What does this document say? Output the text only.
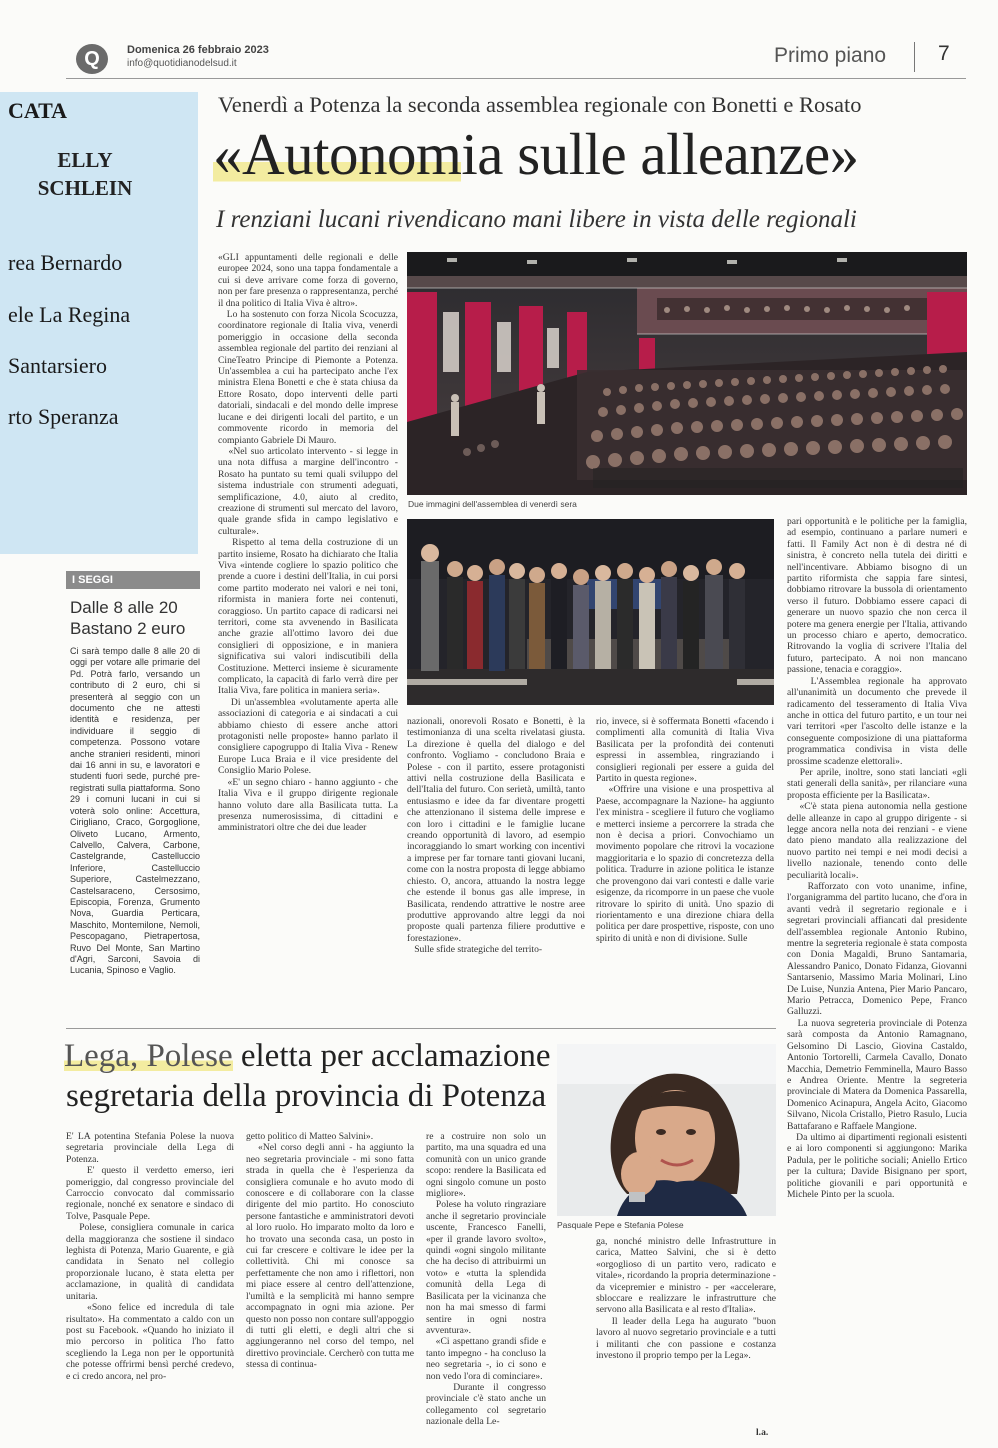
Q	Domenica 26 febbraio 2023
info@quotidianodelsud.it	Primo piano 7
CATA
ELLY
SCHLEIN
rea Bernardo
ele La Regina
Santarsiero
rto Speranza
I SEGGI
Dalle 8 alle 20
Bastano 2 euro
Ci sarà tempo dalle 8 alle 20 di oggi per votare alle primarie del Pd. Potrà farlo, versando un contributo di 2 euro, chi si presenterà al seggio con un documento che ne attesti identità e residenza, per individuare il seggio di competenza. Possono votare anche stranieri residenti, minori dai 16 anni in su, e lavoratori e studenti fuori sede, purché pre-registrati sulla piattaforma. Sono 29 i comuni lucani in cui si voterà solo online: Accettura, Cirigliano, Craco, Gorgoglione, Oliveto Lucano, Armento, Calvello, Calvera, Carbone, Castelgrande, Castelluccio Inferiore, Castelluccio Superiore, Castelmezzano, Castelsaraceno, Cersosimo, Episcopia, Forenza, Grumento Nova, Guardia Perticara, Maschito, Montemilone, Nemoli, Pescopagano, Pietrapertosa, Ruvo Del Monte, San Martino d'Agri, Sarconi, Savoia di Lucania, Spinoso e Vaglio.
Venerdì a Potenza la seconda assemblea regionale con Bonetti e Rosato
«Autonomia sulle alleanze»
I renziani lucani rivendicano mani libere in vista delle regionali
Due immagini dell'assemblea di venerdì sera
«GLI appuntamenti delle regionali e delle europee 2024, sono una tappa fondamentale a cui si deve arrivare come forza di governo, non per fare presenza o rappresentanza, perché il dna politico di Italia Viva è altro».
Lo ha sostenuto con forza Nicola Scocuzza, coordinatore regionale di Italia viva, venerdì pomeriggio in occasione della seconda assemblea regionale del partito dei renziani al CineTeatro Principe di Piemonte a Potenza. Un'assemblea a cui ha partecipato anche l'ex ministra Elena Bonetti e che è stata chiusa da Ettore Rosato, dopo interventi delle parti datoriali, sindacali e del mondo delle imprese lucane e dei dirigenti locali del partito, e un commovente ricordo in memoria del compianto Gabriele Di Mauro.
«Nel suo articolato intervento - si legge in una nota diffusa a margine dell'incontro - Rosato ha puntato su temi quali sviluppo del sistema industriale con strumenti adeguati, semplificazione, 4.0, aiuto al credito, creazione di strumenti sul mercato del lavoro, quale grande sfida in campo legislativo e culturale».
Rispetto al tema della costruzione di un partito insieme, Rosato ha dichiarato che Italia Viva «intende cogliere lo spazio politico che prende a cuore i destini dell'Italia, in cui porsi come partito moderato nei valori e nei toni, riformista in maniera forte nei contenuti, coraggioso. Un partito capace di radicarsi nei territori, come sta avvenendo in Basilicata anche grazie all'ottimo lavoro dei due consiglieri di opposizione, e in maniera significativa sui valori indiscutibili della Costituzione. Metterci insieme è sicuramente complicato, la capacità di farlo verrà dire per Italia Viva, fare politica in maniera seria».
Di un'assemblea «volutamente aperta alle associazioni di categoria e ai sindacati a cui abbiamo chiesto di essere anche attori protagonisti nelle proposte» hanno parlato il consigliere capogruppo di Italia Viva - Renew Europe Luca Braia e il vice presidente del Consiglio Mario Polese.
«E' un segno chiaro - hanno aggiunto - che Italia Viva e il gruppo dirigente regionale hanno voluto dare alla Basilicata tutta. La presenza numerosissima, di cittadini e amministratori oltre che dei due leader
nazionali, onorevoli Rosato e Bonetti, è la testimonianza di una scelta rivelatasi giusta. La direzione è quella del dialogo e del confronto. Vogliamo - concludono Braia e Polese - con il partito, essere protagonisti attivi nella costruzione della Basilicata e dell'Italia del futuro. Con serietà, umiltà, tanto entusiasmo e idee da far diventare progetti che attenzionano il sistema delle imprese e con loro i cittadini e le famiglie lucane creando opportunità di lavoro, ad esempio incoraggiando lo smart working con incentivi a imprese per far tornare tanti giovani lucani, come con la nostra proposta di legge abbiamo chiesto. O, ancora, attuando la nostra legge che estende il bonus gas alle imprese, in Basilicata, rendendo attrattive le nostre aree produttive approvando altre leggi da noi proposte quali partenza filiere produttive e forestazione».
Sulle sfide strategiche del territo-
rio, invece, si è soffermata Bonetti «facendo i complimenti alla comunità di Italia Viva Basilicata per la profondità dei contenuti espressi in assemblea, ringraziando i consiglieri regionali per essere a guida del Partito in questa regione».
«Offrire una visione e una prospettiva al Paese, accompagnare la Nazione- ha aggiunto l'ex ministra - scegliere il futuro che vogliamo e metterci insieme a percorrere la strada che non è decisa a priori. Convochiamo un movimento popolare che ritrovi la vocazione maggioritaria e lo spazio di concretezza della politica. Tradurre in azione politica le istanze che provengono dai vari contesti e dalle varie esigenze, da ricomporre in un paese che vuole ritrovare lo spirito di unità. Uno spazio di riorientamento e una direzione chiara della politica per dare prospettive, risposte, con uno spirito di unità e non di divisione. Sulle
pari opportunità e le politiche per la famiglia, ad esempio, continuano a parlare numeri e fatti. Il Family Act non è di destra né di sinistra, è concreto nella tutela dei diritti e nell'incentivare. Abbiamo bisogno di un partito riformista che sappia fare sintesi, dobbiamo ritrovare la bussola di orientamento verso il futuro. Dobbiamo essere capaci di generare un nuovo spazio che non cerca il potere ma genera energie per l'Italia, attivando un processo chiaro e aperto, democratico. Ritrovando la voglia di scrivere l'Italia del futuro, partecipato. A noi non mancano passione, tenacia e coraggio».
L'Assemblea regionale ha approvato all'unanimità un documento che prevede il radicamento del tesseramento di Italia Viva anche in ottica del futuro partito, e un tour nei vari territori «per l'ascolto delle istanze e la conseguente composizione di una piattaforma programmatica condivisa in vista delle prossime scadenze elettorali».
Per aprile, inoltre, sono stati lanciati «gli stati generali della sanità», per rilanciare «una proposta efficiente per la Basilicata».
«C'è stata piena autonomia nella gestione delle alleanze in capo al gruppo dirigente - si legge ancora nella nota dei renziani - e viene dato pieno mandato alla realizzazione del nuovo partito nei tempi e nei modi decisi a livello nazionale, tenendo conto delle peculiarità locali».
Rafforzato con voto unanime, infine, l'organigramma del partito lucano, che d'ora in avanti vedrà il segretario regionale e i segretari provinciali affiancati dal presidente dell'assemblea regionale Antonio Rubino, mentre la segreteria regionale è stata composta con Donia Magaldi, Bruno Santamaria, Alessandro Panico, Donato Fidanza, Giovanni Santarsenio, Massimo Maria Molinari, Lino De Luise, Nunzia Antena, Pier Mario Pancaro, Mario Petracca, Domenico Pepe, Franco Galluzzi.
La nuova segreteria provinciale di Potenza sarà composta da Antonio Ramagnano, Gelsomino Di Lascio, Giovina Castaldo, Antonio Tortorelli, Carmela Cavallo, Donato Macchia, Demetrio Femminella, Mauro Basso e Andrea Oriente. Mentre la segreteria provinciale di Matera da Domenica Passarella, Domenico Acinapura, Angela Acito, Giacomo Silvano, Nicola Cristallo, Pietro Rasulo, Lucia Battafarano e Raffaele Mangione.
Da ultimo ai dipartimenti regionali esistenti e ai loro componenti si aggiungono: Marika Padula, per le politiche sociali; Aniello Ertico per la cultura; Davide Bisignano per sport, politiche giovanili e pari opportunità e Michele Pinto per la scuola.
Lega, Polese eletta per acclamazione
segretaria della provincia di Potenza
Pasquale Pepe e Stefania Polese
E' LA potentina Stefania Polese la nuova segretaria provinciale della Lega di Potenza.
E' questo il verdetto emerso, ieri pomeriggio, dal congresso provinciale del Carroccio convocato dal commissario regionale, nonché ex senatore e sindaco di Tolve, Pasquale Pepe.
Polese, consigliera comunale in carica della maggioranza che sostiene il sindaco leghista di Potenza, Mario Guarente, e già candidata in Senato nel collegio proporzionale lucano, è stata eletta per acclamazione, in qualità di candidata unitaria.
«Sono felice ed incredula di tale risultato». Ha commentato a caldo con un post su Facebook. «Quando ho iniziato il mio percorso in politica l'ho fatto scegliendo la Lega non per le opportunità che potesse offrirmi bensì perché credevo, e ci credo ancora, nel pro-
getto politico di Matteo Salvini».
«Nel corso degli anni - ha aggiunto la neo segretaria provinciale - mi sono fatta strada in quella che è l'esperienza da consigliera comunale e ho avuto modo di conoscere e di collaborare con la classe dirigente del mio partito. Ho conosciuto persone fantastiche e amministratori devoti al loro ruolo. Ho imparato molto da loro e ho trovato una seconda casa, un posto in cui far crescere e coltivare le idee per la collettività. Chi mi conosce sa perfettamente che non amo i riflettori, non mi piace essere al centro dell'attenzione, l'umiltà e la semplicità mi hanno sempre accompagnato in ogni mia azione. Per questo non posso non contare sull'appoggio di tutti gli eletti, e degli altri che si aggiungeranno nel corso del tempo, nel direttivo provinciale. Cercherò con tutta me stessa di continua-
re a costruire non solo un partito, ma una squadra ed una comunità con un unico grande scopo: rendere la Basilicata ed ogni singolo comune un posto migliore».
Polese ha voluto ringraziare anche il segretario provinciale uscente, Francesco Fanelli, «per il grande lavoro svolto», quindi «ogni singolo militante che ha deciso di attribuirmi un voto» e «tutta la splendida comunità della Lega di Basilicata per la vicinanza che non ha mai smesso di farmi sentire in ogni nostra avventura».
«Ci aspettano grandi sfide e tanto impegno - ha concluso la neo segretaria -, io ci sono e non vedo l'ora di cominciare».
Durante il congresso provinciale c'è stato anche un collegamento col segretario nazionale della Le-
ga, nonché ministro delle Infrastrutture in carica, Matteo Salvini, che si è detto «orgoglioso di un partito vero, radicato e vitale», ricordando la propria determinazione - da vicepremier e ministro - per «accelerare, sbloccare e realizzare le infrastrutture che servono alla Basilicata e al resto d'Italia».
Il leader della Lega ha augurato "buon lavoro al nuovo segretario provinciale e a tutti i militanti che con passione e costanza investono il proprio tempo per la Lega».
l.a.
